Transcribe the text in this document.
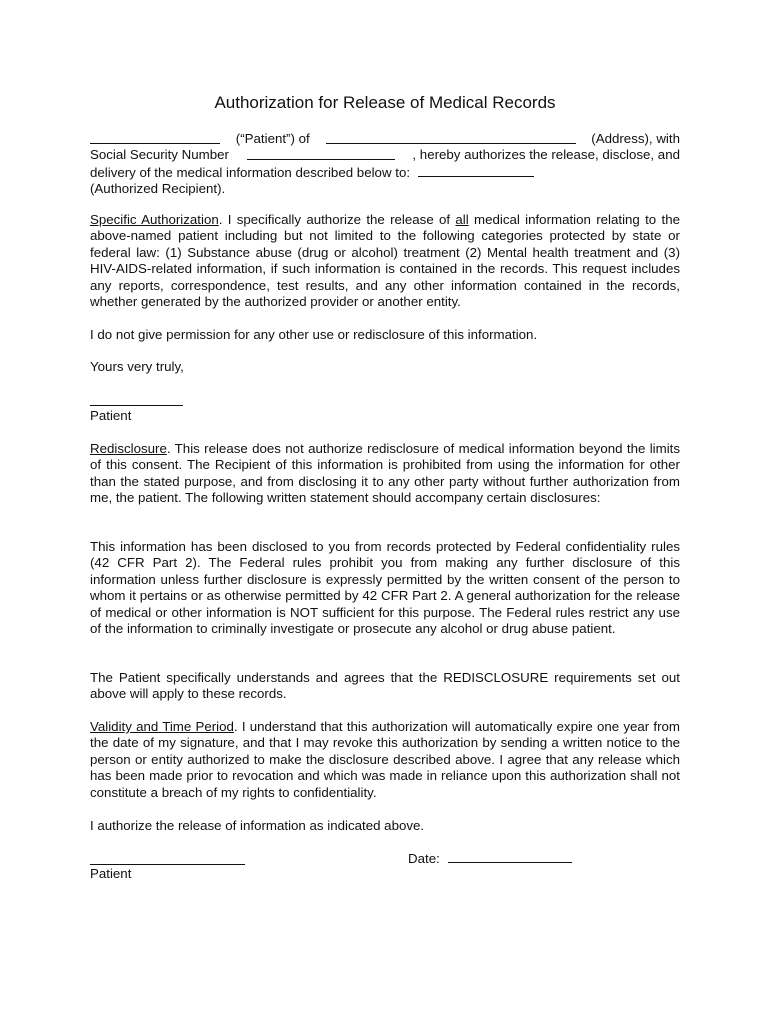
Authorization for Release of Medical Records
(“Patient”) of	(Address), with
Social Security Number	, hereby authorizes the release, disclose, and
delivery of the medical information described below to:
(Authorized Recipient).

Specific Authorization. I specifically authorize the release of all medical information relating to the above-named patient including but not limited to the following categories protected by state or federal law: (1) Substance abuse (drug or alcohol) treatment (2) Mental health treatment and (3) HIV-AIDS-related information, if such information is contained in the records. This request includes any reports, correspondence, test results, and any other information contained in the records, whether generated by the authorized provider or another entity.

I do not give permission for any other use or redisclosure of this information.

Yours very truly,

Patient

Redisclosure. This release does not authorize redisclosure of medical information beyond the limits of this consent. The Recipient of this information is prohibited from using the information for other than the stated purpose, and from disclosing it to any other party without further authorization from me, the patient. The following written statement should accompany certain disclosures:

This information has been disclosed to you from records protected by Federal confidentiality rules (42 CFR Part 2). The Federal rules prohibit you from making any further disclosure of this information unless further disclosure is expressly permitted by the written consent of the person to whom it pertains or as otherwise permitted by 42 CFR Part 2. A general authorization for the release of medical or other information is NOT sufficient for this purpose. The Federal rules restrict any use of the information to criminally investigate or prosecute any alcohol or drug abuse patient.

The Patient specifically understands and agrees that the REDISCLOSURE requirements set out above will apply to these records.

Validity and Time Period. I understand that this authorization will automatically expire one year from the date of my signature, and that I may revoke this authorization by sending a written notice to the person or entity authorized to make the disclosure described above. I agree that any release which has been made prior to revocation and which was made in reliance upon this authorization shall not constitute a breach of my rights to confidentiality.

I authorize the release of information as indicated above.

Patient
Date:
